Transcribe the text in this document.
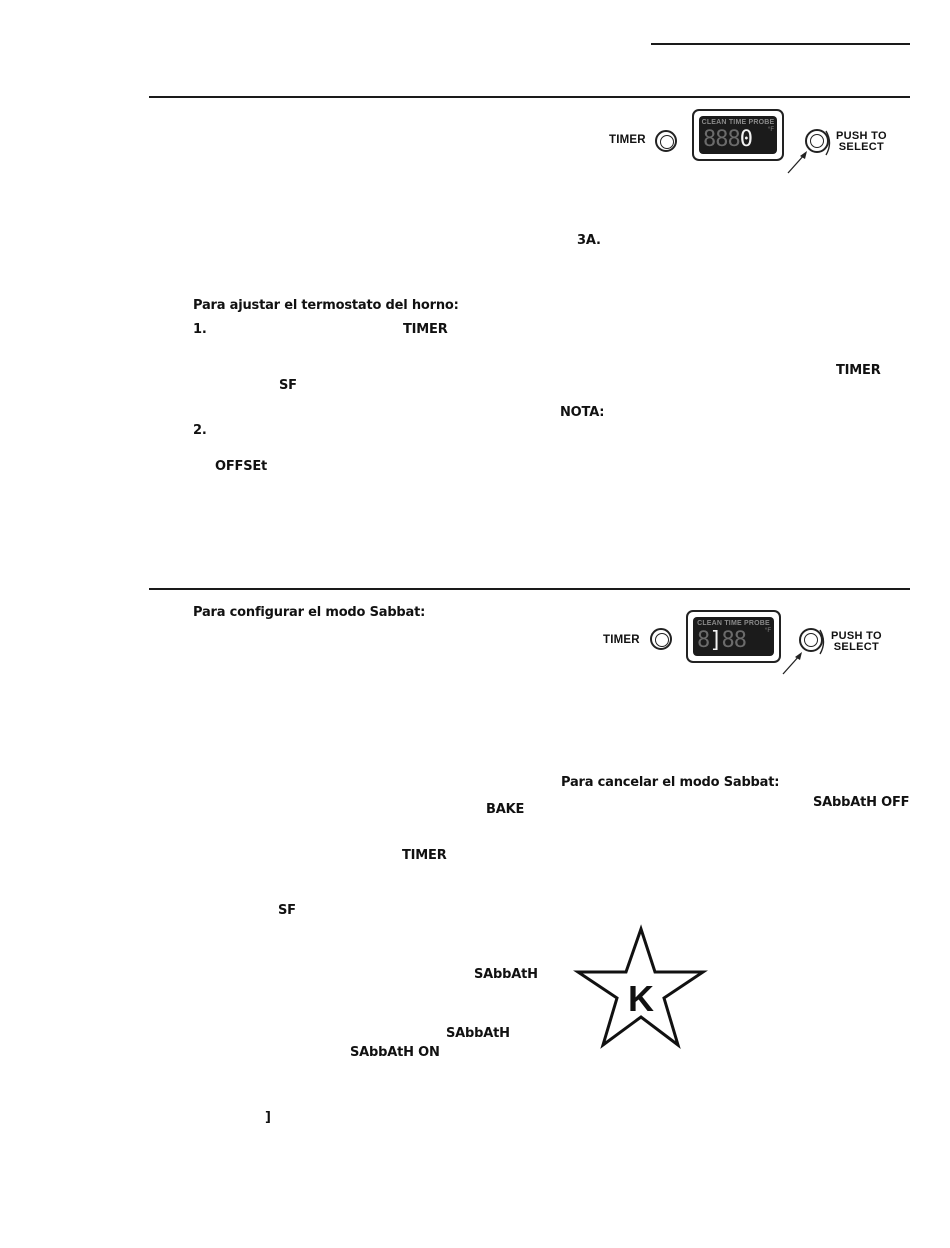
TIMER
CLEAN TIME PROBE
8880	°F	PUSH TO
SELECT
3A.
Para ajustar el termostato del horno:
1.	TIMER
TIMER
SF
NOTA:
2.
OFFSEt
Para configurar el modo Sabbat:
TIMER
CLEAN TIME PROBE
8]88	°F	PUSH TO
SELECT
Para cancelar el modo Sabbat:
SAbbAtH OFF
BAKE
TIMER
SF
SAbbAtH
SAbbAtH
SAbbAtH ON
]
K
